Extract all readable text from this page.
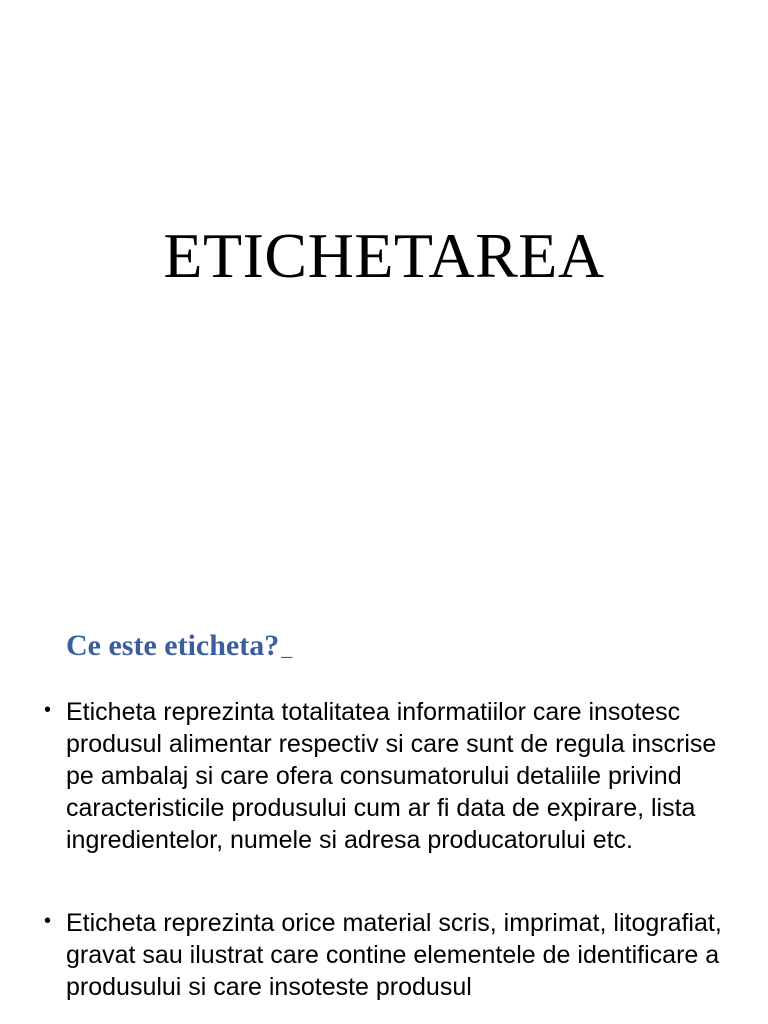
ETICHETAREA
Ce este eticheta?_
• Eticheta reprezinta totalitatea informatiilor care insotesc produsul alimentar respectiv si care sunt de regula inscrise pe ambalaj si care ofera consumatorului detaliile privind caracteristicile produsului cum ar fi data de expirare, lista ingredientelor, numele si adresa producatorului etc.
• Eticheta reprezinta orice material scris, imprimat, litografiat, gravat sau ilustrat care contine elementele de identificare a produsului si care insoteste produsul
